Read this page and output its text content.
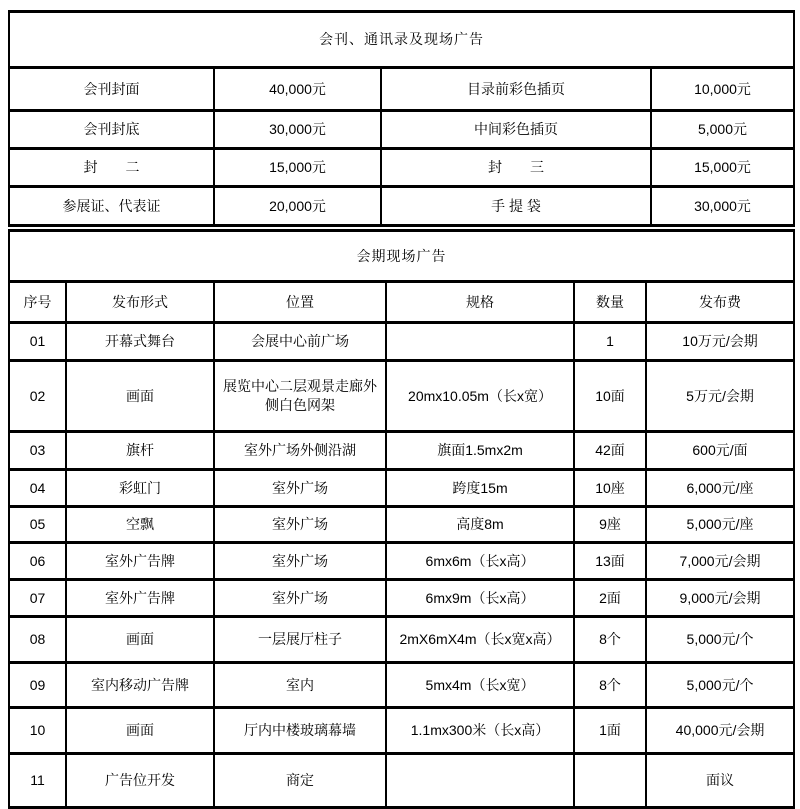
会刊、通讯录及现场广告			
会刊封面	40,000元	目录前彩色插页	10,000元
会刊封底	30,000元	中间彩色插页	5,000元
封　　二	15,000元	封　　三	15,000元
参展证、代表证	20,000元	手 提 袋	30,000元
会期现场广告					
序号	发布形式	位置	规格	数量	发布费
01	开幕式舞台	会展中心前广场		1	10万元/会期
02	画面	展览中心二层观景走廊外侧白色网架	20mx10.05m（长x宽）	10面	5万元/会期
03	旗杆	室外广场外侧沿湖	旗面1.5mx2m	42面	600元/面
04	彩虹门	室外广场	跨度15m	10座	6,000元/座
05	空飘	室外广场	高度8m	9座	5,000元/座
06	室外广告牌	室外广场	6mx6m（长x高）	13面	7,000元/会期
07	室外广告牌	室外广场	6mx9m（长x高）	2面	9,000元/会期
08	画面	一层展厅柱子	2mX6mX4m（长x宽x高）	8个	5,000元/个
09	室内移动广告牌	室内	5mx4m（长x宽）	8个	5,000元/个
10	画面	厅内中楼玻璃幕墙	1.1mx300米（长x高）	1面	40,000元/会期
11	广告位开发	商定			面议
